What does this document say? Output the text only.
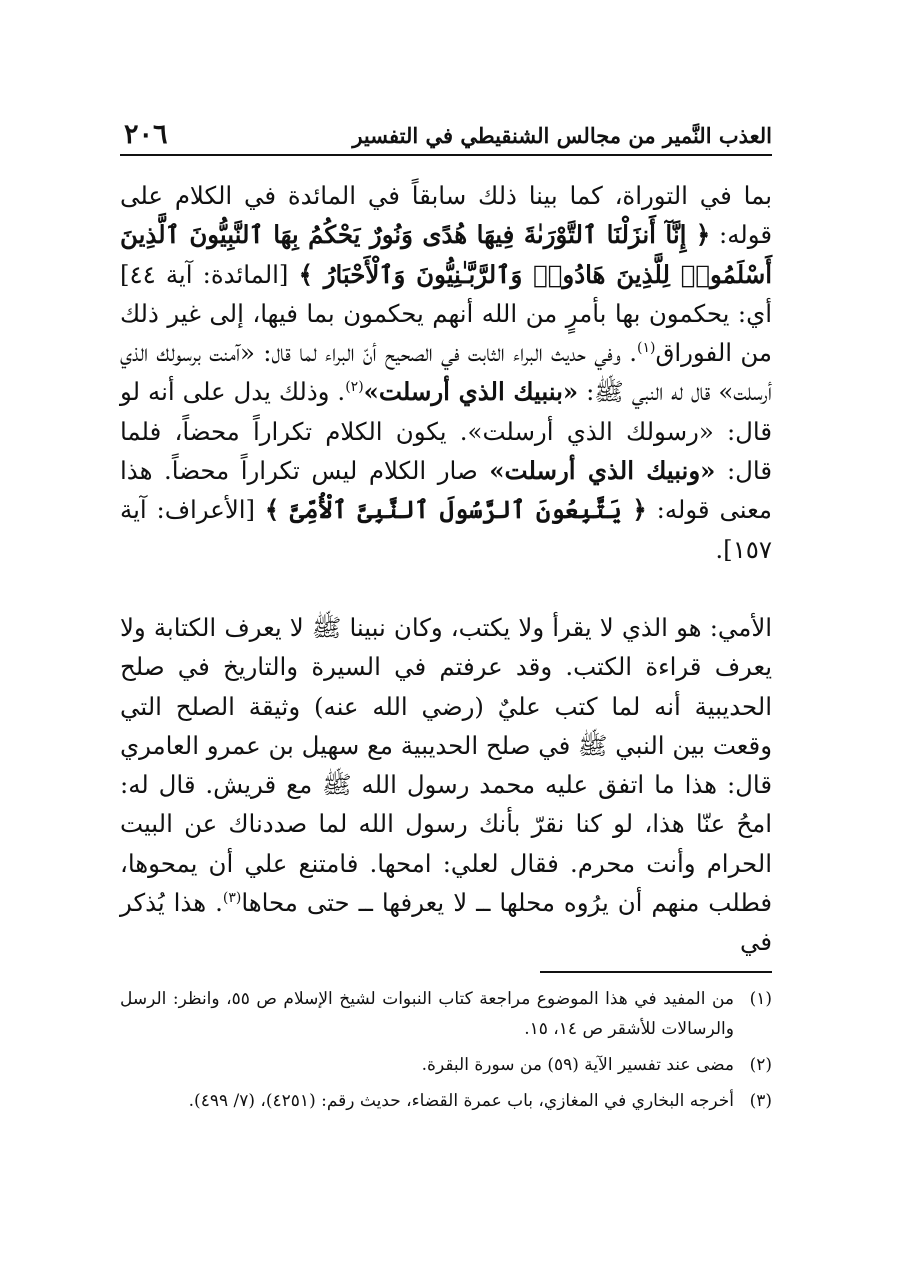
العذب النَّمير من مجالس الشنقيطي في التفسير
٢٠٦

بما في التوراة، كما بينا ذلك سابقاً في المائدة في الكلام على قوله: ﴿ إِنَّآ أَنزَلْنَا ٱلتَّوْرَىٰةَ فِيهَا هُدًى وَنُورٌ يَحْكُمُ بِهَا ٱلنَّبِيُّونَ ٱلَّذِينَ أَسْلَمُوا۟ لِلَّذِينَ هَادُوا۟ وَٱلرَّبَّـٰنِيُّونَ وَٱلْأَحْبَارُ ﴾ [المائدة: آية ٤٤] أي: يحكمون بها بأمرٍ من الله أنهم يحكمون بما فيها، إلى غير ذلك من الفوراق$^{(١)}$. وفي حديث البراء الثابت في الصحيح أنّ البراء لما قال: «آمنت برسولك الذي أرسلت» قال له النبي ﷺ: «بنبيك الذي أرسلت»$^{(٢)}$. وذلك يدل على أنه لو قال: «رسولك الذي أرسلت». يكون الكلام تكراراً محضاً، فلما قال: «ونبيك الذي أرسلت» صار الكلام ليس تكراراً محضاً. هذا معنى قوله: ﴿ يَتَّبِعُونَ ٱلرَّسُولَ ٱلنَّبِىَّ ٱلْأُمِّىَّ ﴾ [الأعراف: آية ١٥٧].

الأمي: هو الذي لا يقرأ ولا يكتب، وكان نبينا ﷺ لا يعرف الكتابة ولا يعرف قراءة الكتب. وقد عرفتم في السيرة والتاريخ في صلح الحديبية أنه لما كتب عليٌ (رضي الله عنه) وثيقة الصلح التي وقعت بين النبي ﷺ في صلح الحديبية مع سهيل بن عمرو العامري قال: هذا ما اتفق عليه محمد رسول الله ﷺ مع قريش. قال له: امحُ عنّا هذا، لو كنا نقرّ بأنك رسول الله لما صددناك عن البيت الحرام وأنت محرم. فقال لعلي: امحها. فامتنع علي أن يمحوها، فطلب منهم أن يرُوه محلها ــ لا يعرفها ــ حتى محاها$^{(٣)}$. هذا يُذكر في

(١)
من المفيد في هذا الموضوع مراجعة كتاب النبوات لشيخ الإسلام ص ٥٥، وانظر: الرسل والرسالات للأشقر ص ١٤، ١٥.
(٢)
مضى عند تفسير الآية (٥٩) من سورة البقرة.
(٣)
أخرجه البخاري في المغازي، باب عمرة القضاء، حديث رقم: (٤٢٥١)، (٧/ ٤٩٩).
